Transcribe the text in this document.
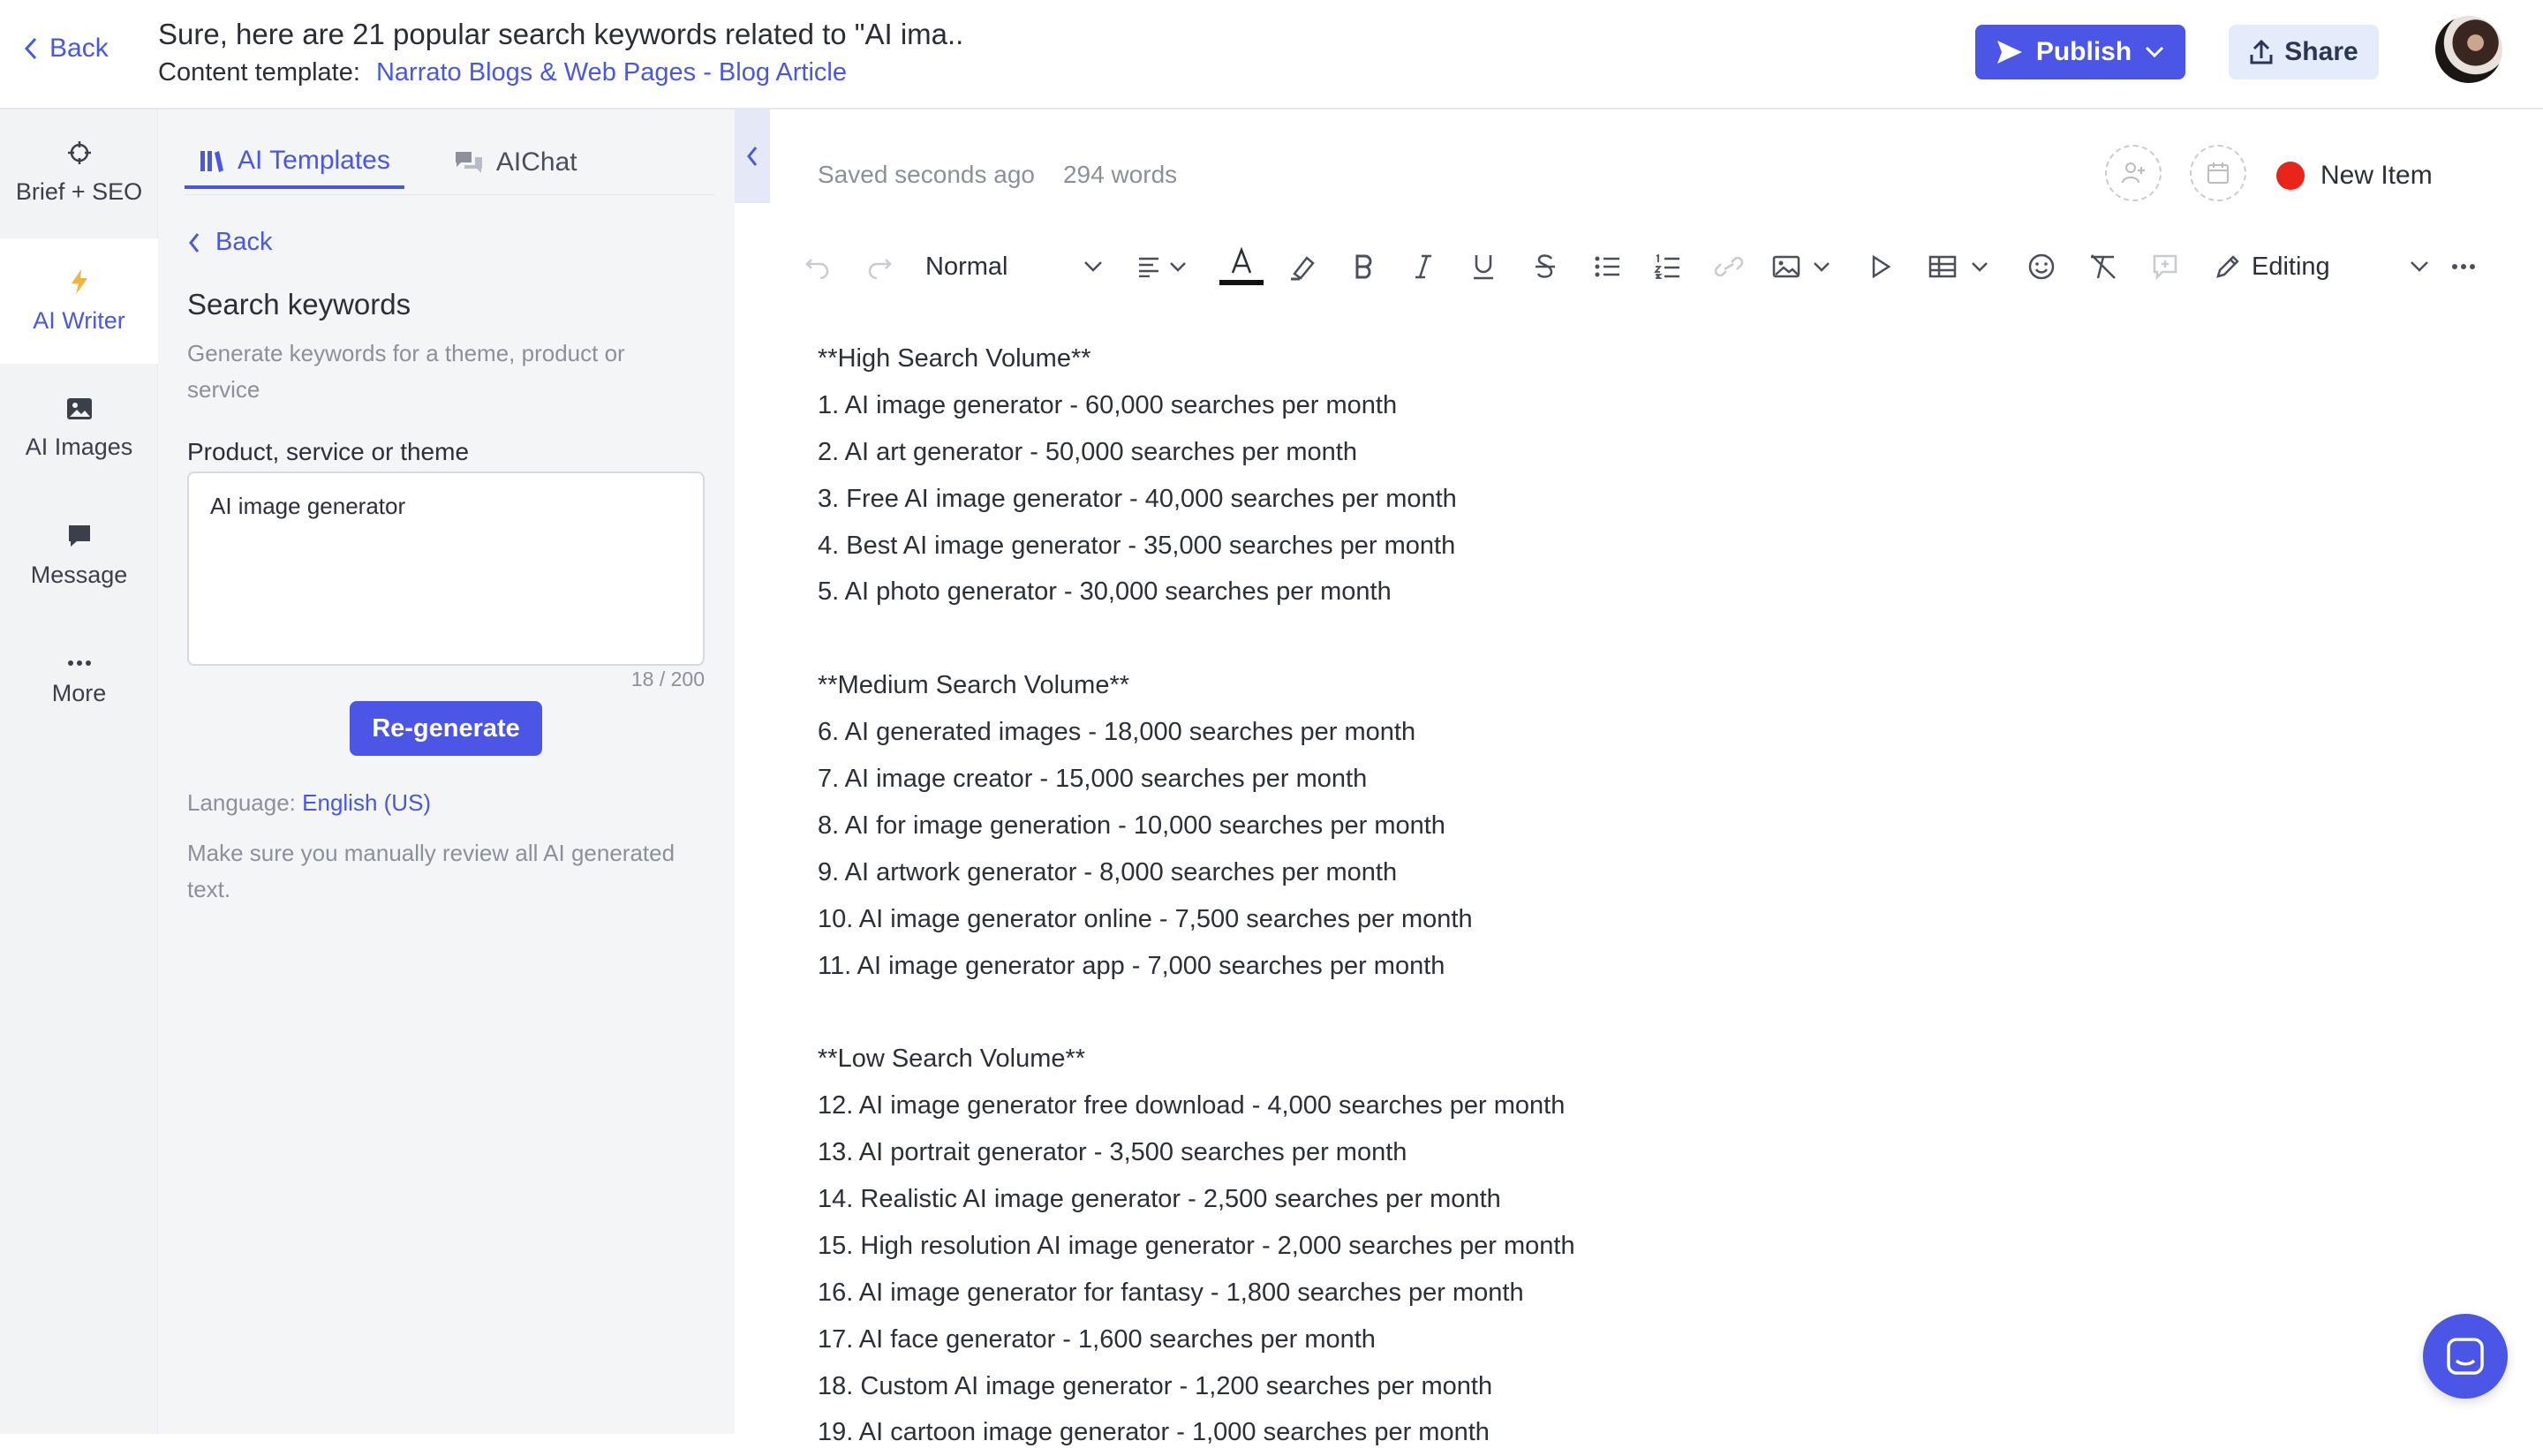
Back Sure, here are 21 popular search keywords related to "AI ima..
Content template: Narrato Blogs & Web Pages - Blog Article
Publish	Share
Brief + SEO
AI Writer
AI Images
Message
More
AI Templates	AIChat
Back
Search keywords
Generate keywords for a theme, product or service
Product, service or theme
AI image generator
18 / 200
Re-generate
Language: English (US)
Make sure you manually review all AI generated text.
Saved seconds ago 294 words	New Item
Normal	Editing
**High Search Volume**
1. AI image generator - 60,000 searches per month
2. AI art generator - 50,000 searches per month
3. Free AI image generator - 40,000 searches per month
4. Best AI image generator - 35,000 searches per month
5. AI photo generator - 30,000 searches per month

**Medium Search Volume**
6. AI generated images - 18,000 searches per month
7. AI image creator - 15,000 searches per month
8. AI for image generation - 10,000 searches per month
9. AI artwork generator - 8,000 searches per month
10. AI image generator online - 7,500 searches per month
11. AI image generator app - 7,000 searches per month

**Low Search Volume**
12. AI image generator free download - 4,000 searches per month
13. AI portrait generator - 3,500 searches per month
14. Realistic AI image generator - 2,500 searches per month
15. High resolution AI image generator - 2,000 searches per month
16. AI image generator for fantasy - 1,800 searches per month
17. AI face generator - 1,600 searches per month
18. Custom AI image generator - 1,200 searches per month
19. AI cartoon image generator - 1,000 searches per month
